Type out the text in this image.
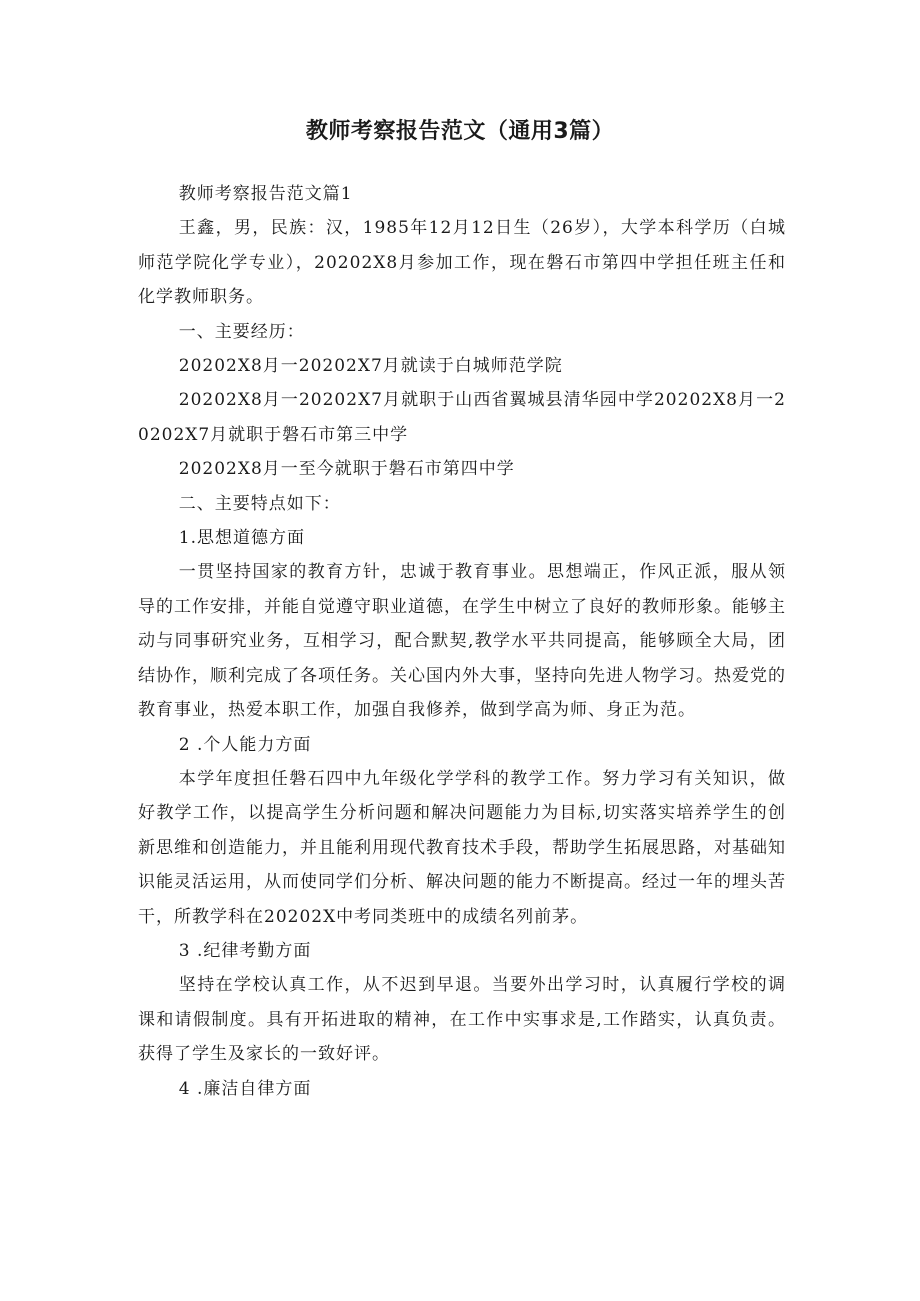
教师考察报告范文（通用3篇）

教师考察报告范文篇1

王鑫，男，民族：汉，1985年12月12日生（26岁），大学本科学历（白城师范学院化学专业），20202X8月参加工作，现在磐石市第四中学担任班主任和化学教师职务。

一、主要经历：

20202X8月一20202X7月就读于白城师范学院

20202X8月一20202X7月就职于山西省翼城县清华园中学20202X8月一20202X7月就职于磐石市第三中学

20202X8月一至今就职于磐石市第四中学

二、主要特点如下：

1.思想道德方面

一贯坚持国家的教育方针，忠诚于教育事业。思想端正，作风正派，服从领导的工作安排，并能自觉遵守职业道德，在学生中树立了良好的教师形象。能够主动与同事研究业务，互相学习，配合默契,教学水平共同提高，能够顾全大局，团结协作，顺利完成了各项任务。关心国内外大事，坚持向先进人物学习。热爱党的教育事业，热爱本职工作，加强自我修养，做到学高为师、身正为范。

2 .个人能力方面

本学年度担任磐石四中九年级化学学科的教学工作。努力学习有关知识，做好教学工作，以提高学生分析问题和解决问题能力为目标,切实落实培养学生的创新思维和创造能力，并且能利用现代教育技术手段，帮助学生拓展思路，对基础知识能灵活运用，从而使同学们分析、解决问题的能力不断提高。经过一年的埋头苦干，所教学科在20202X中考同类班中的成绩名列前茅。

3 .纪律考勤方面

坚持在学校认真工作，从不迟到早退。当要外出学习时，认真履行学校的调课和请假制度。具有开拓进取的精神，在工作中实事求是,工作踏实，认真负责。获得了学生及家长的一致好评。

4 .廉洁自律方面
